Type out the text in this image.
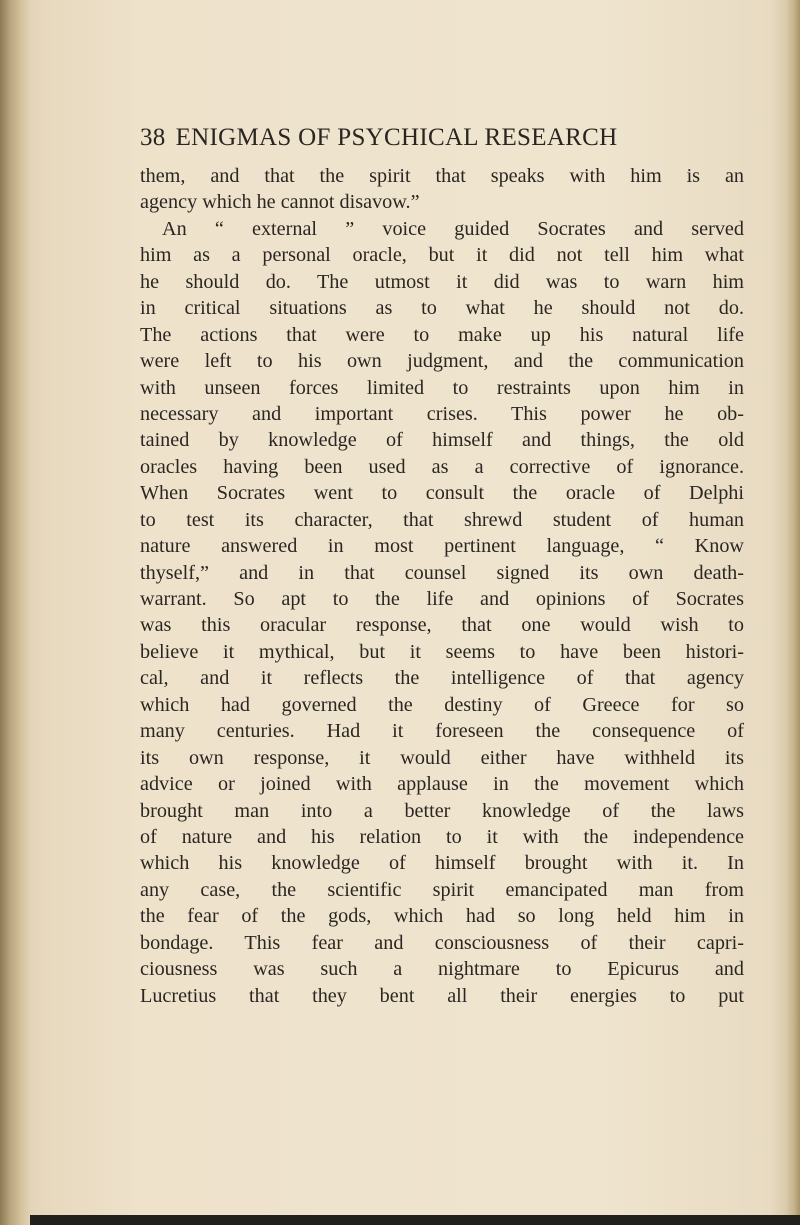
38 ENIGMAS OF PSYCHICAL RESEARCH
them, and that the spirit that speaks with him is an
agency which he cannot disavow.”
An “ external ” voice guided Socrates and served
him as a personal oracle, but it did not tell him what
he should do. The utmost it did was to warn him
in critical situations as to what he should not do.
The actions that were to make up his natural life
were left to his own judgment, and the communication
with unseen forces limited to restraints upon him in
necessary and important crises. This power he ob-
tained by knowledge of himself and things, the old
oracles having been used as a corrective of ignorance.
When Socrates went to consult the oracle of Delphi
to test its character, that shrewd student of human
nature answered in most pertinent language, “ Know
thyself,” and in that counsel signed its own death-
warrant. So apt to the life and opinions of Socrates
was this oracular response, that one would wish to
believe it mythical, but it seems to have been histori-
cal, and it reflects the intelligence of that agency
which had governed the destiny of Greece for so
many centuries. Had it foreseen the consequence of
its own response, it would either have withheld its
advice or joined with applause in the movement which
brought man into a better knowledge of the laws
of nature and his relation to it with the independence
which his knowledge of himself brought with it. In
any case, the scientific spirit emancipated man from
the fear of the gods, which had so long held him in
bondage. This fear and consciousness of their capri-
ciousness was such a nightmare to Epicurus and
Lucretius that they bent all their energies to put
